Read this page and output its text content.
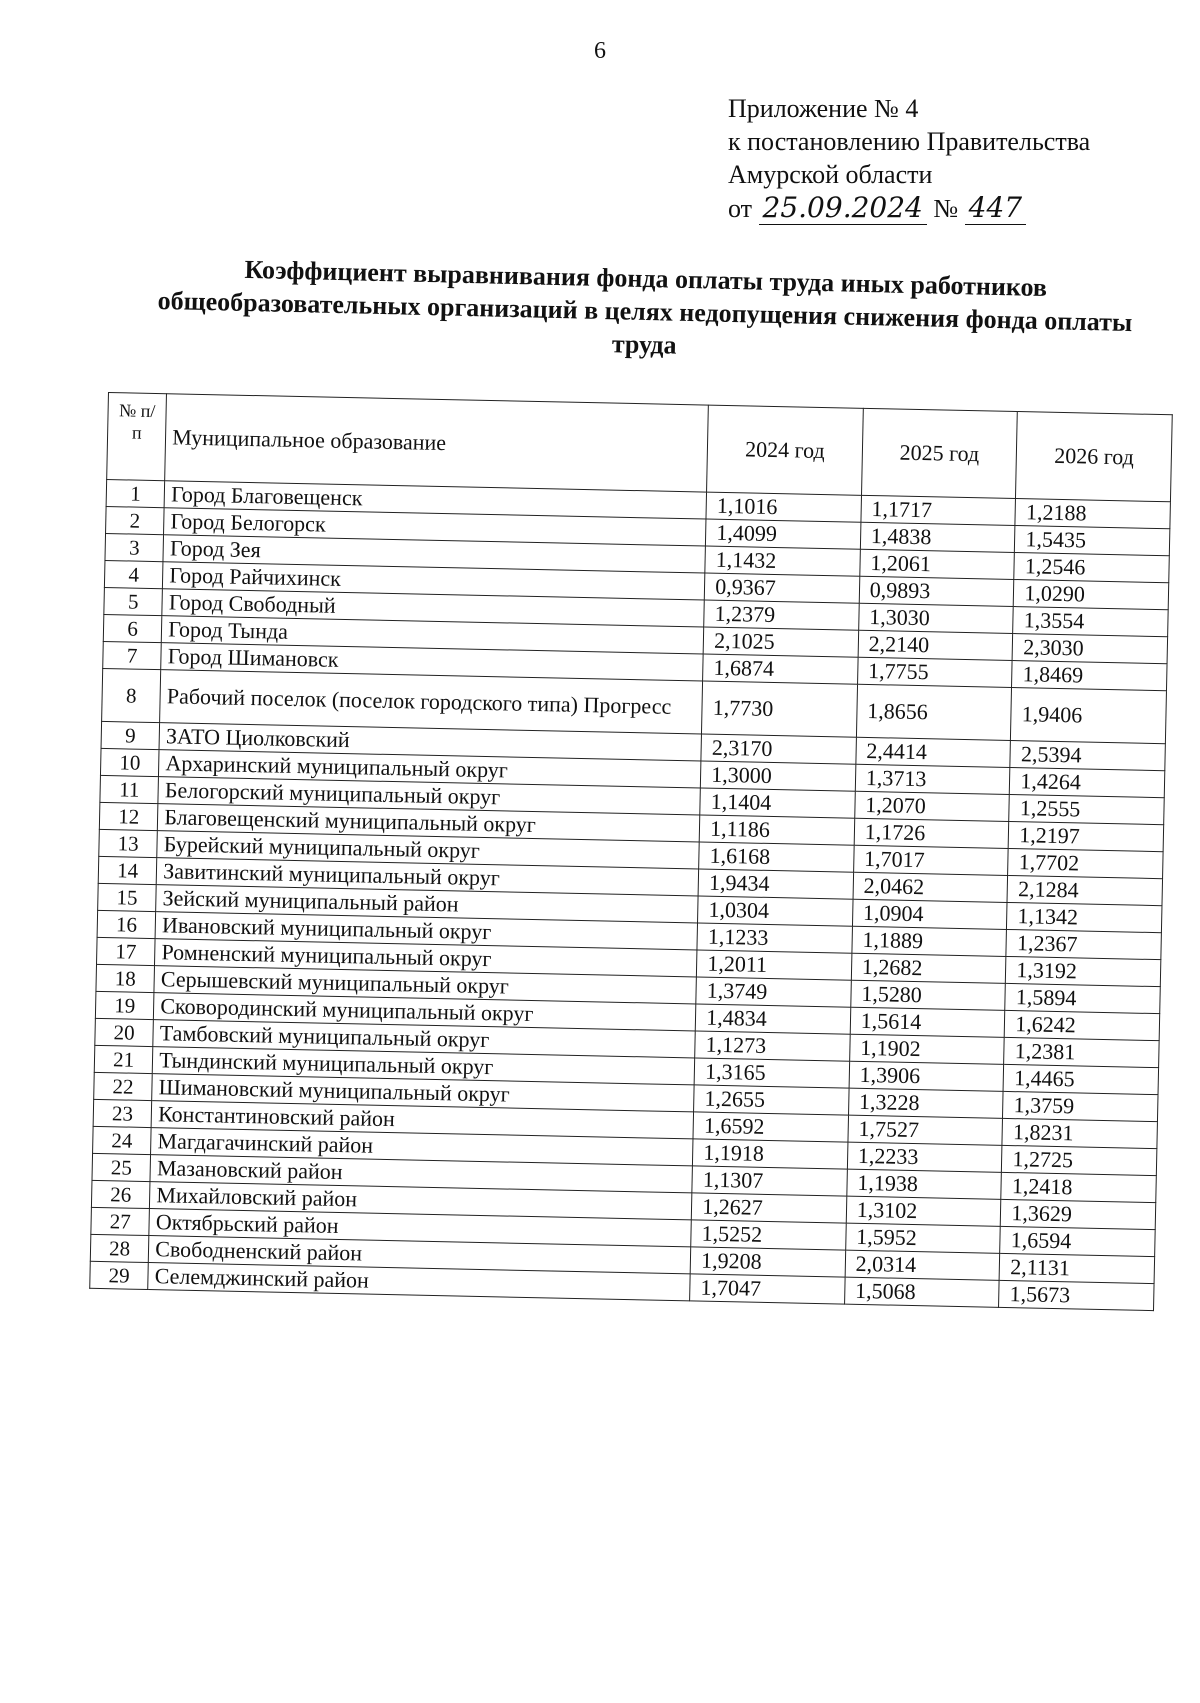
6
Приложение № 4
к постановлению Правительства
Амурской области
от 25.09.2024 № 447
Коэффициент выравнивания фонда оплаты труда иных работников общеобразовательных организаций в целях недопущения снижения фонда оплаты труда
№ п/п	Муниципальное образование	2024 год	2025 год	2026 год
1	Город Благовещенск	1,1016	1,1717	1,2188
2	Город Белогорск	1,4099	1,4838	1,5435
3	Город Зея	1,1432	1,2061	1,2546
4	Город Райчихинск	0,9367	0,9893	1,0290
5	Город Свободный	1,2379	1,3030	1,3554
6	Город Тында	2,1025	2,2140	2,3030
7	Город Шимановск	1,6874	1,7755	1,8469
8	Рабочий поселок (поселок городского типа) Прогресс	1,7730	1,8656	1,9406
9	ЗАТО Циолковский	2,3170	2,4414	2,5394
10	Архаринский муниципальный округ	1,3000	1,3713	1,4264
11	Белогорский муниципальный округ	1,1404	1,2070	1,2555
12	Благовещенский муниципальный округ	1,1186	1,1726	1,2197
13	Бурейский муниципальный округ	1,6168	1,7017	1,7702
14	Завитинский муниципальный округ	1,9434	2,0462	2,1284
15	Зейский муниципальный район	1,0304	1,0904	1,1342
16	Ивановский муниципальный округ	1,1233	1,1889	1,2367
17	Ромненский муниципальный округ	1,2011	1,2682	1,3192
18	Серышевский муниципальный округ	1,3749	1,5280	1,5894
19	Сковородинский муниципальный округ	1,4834	1,5614	1,6242
20	Тамбовский муниципальный округ	1,1273	1,1902	1,2381
21	Тындинский муниципальный округ	1,3165	1,3906	1,4465
22	Шимановский муниципальный округ	1,2655	1,3228	1,3759
23	Константиновский район	1,6592	1,7527	1,8231
24	Магдагачинский район	1,1918	1,2233	1,2725
25	Мазановский район	1,1307	1,1938	1,2418
26	Михайловский район	1,2627	1,3102	1,3629
27	Октябрьский район	1,5252	1,5952	1,6594
28	Свободненский район	1,9208	2,0314	2,1131
29	Селемджинский район	1,7047	1,5068	1,5673
